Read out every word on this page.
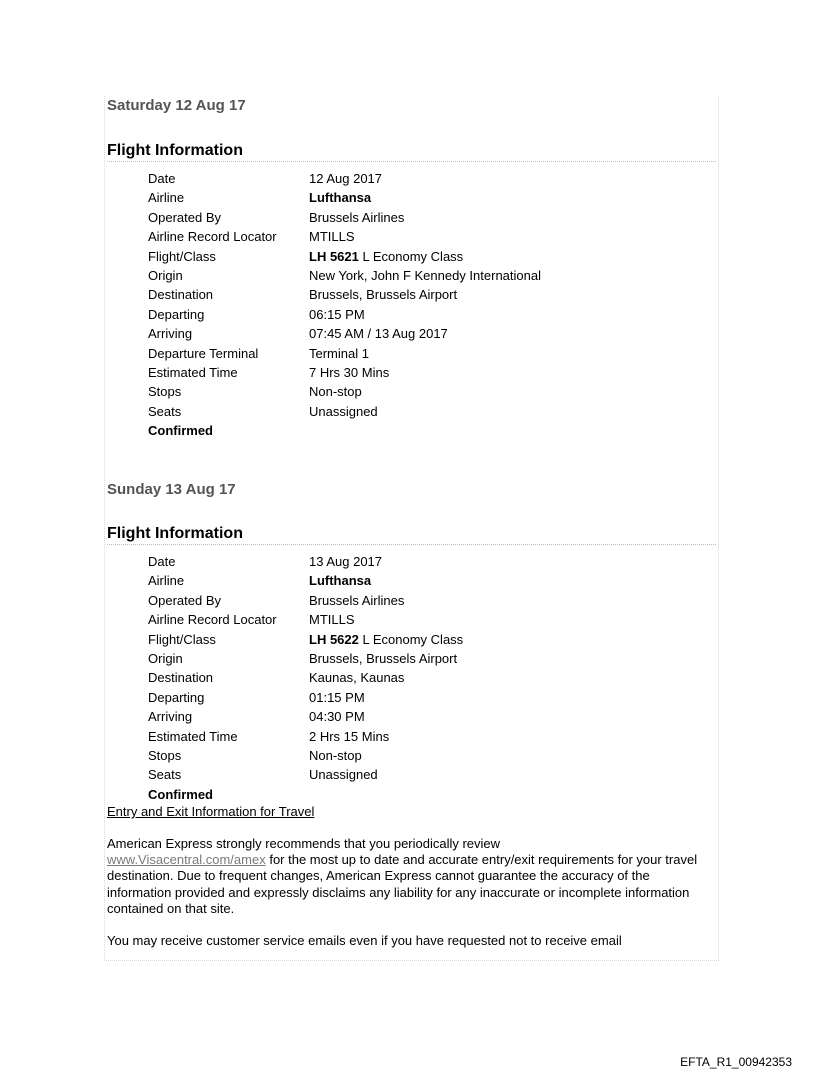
Saturday 12 Aug 17
Flight Information
Date	12 Aug 2017
Airline	Lufthansa
Operated By	Brussels Airlines
Airline Record Locator MTILLS
Flight/Class	LH 5621 L Economy Class
Origin	New York, John F Kennedy International
Destination	Brussels, Brussels Airport
Departing	06:15 PM
Arriving	07:45 AM / 13 Aug 2017
Departure Terminal	Terminal 1
Estimated Time	7 Hrs 30 Mins
Stops	Non-stop
Seats	Unassigned
Confirmed
Sunday 13 Aug 17
Flight Information
Date	13 Aug 2017
Airline	Lufthansa
Operated By	Brussels Airlines
Airline Record Locator MTILLS
Flight/Class	LH 5622 L Economy Class
Origin	Brussels, Brussels Airport
Destination	Kaunas, Kaunas
Departing	01:15 PM
Arriving	04:30 PM
Estimated Time	2 Hrs 15 Mins
Stops	Non-stop
Seats	Unassigned
Confirmed
Entry and Exit Information for Travel
American Express strongly recommends that you periodically review
www.Visacentral.com/amex for the most up to date and accurate entry/exit requirements for your travel destination. Due to frequent changes, American Express cannot guarantee the accuracy of the information provided and expressly disclaims any liability for any inaccurate or incomplete information contained on that site.
You may receive customer service emails even if you have requested not to receive email
EFTA_R1_00942353
